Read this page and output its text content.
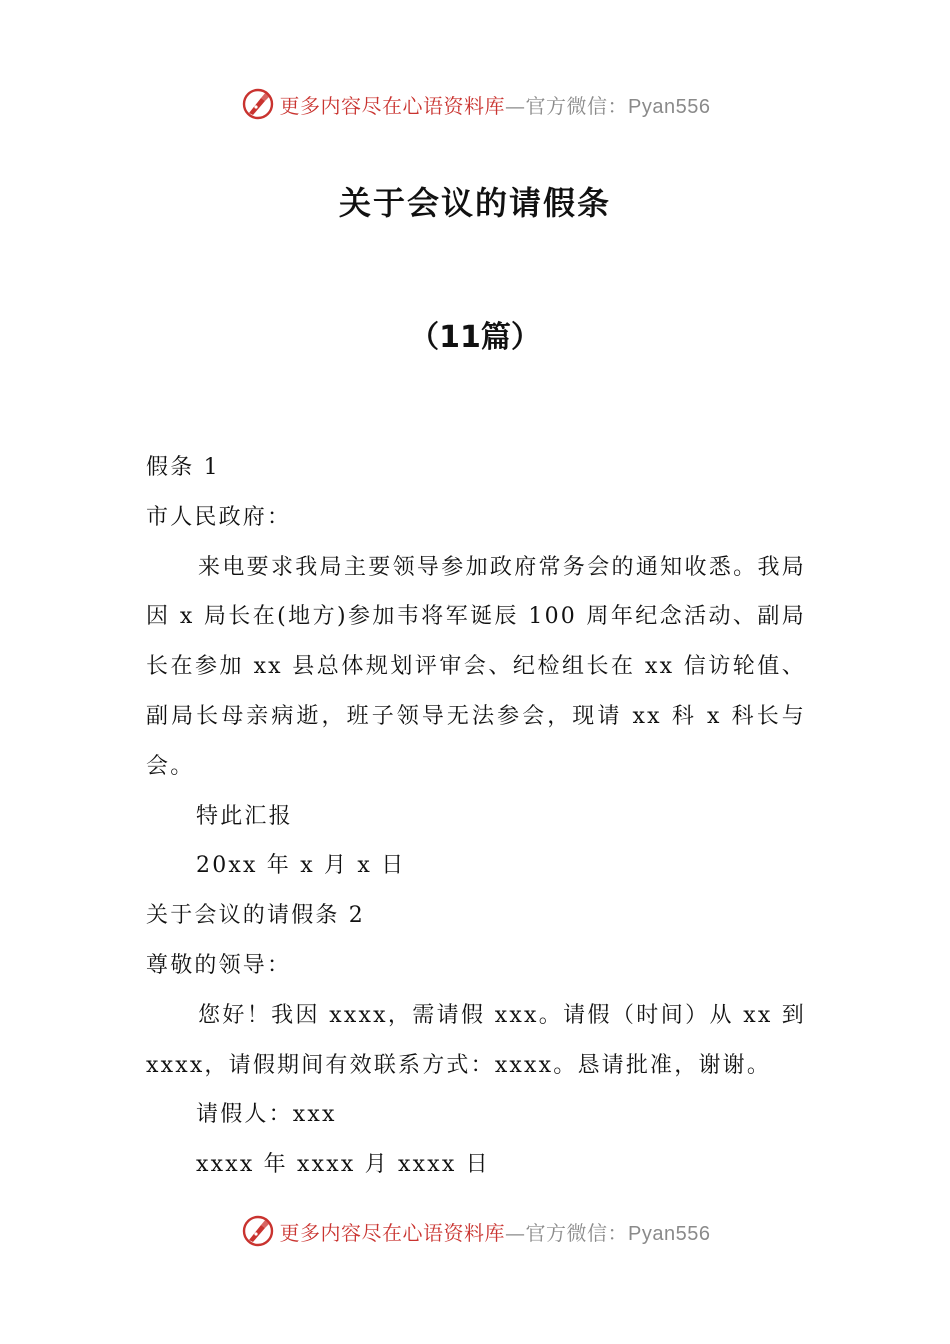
更多内容尽在心语资料库—官方微信：Pyan556
关于会议的请假条
（11篇）
假条 1
市人民政府：

来电要求我局主要领导参加政府常务会的通知收悉。我局因 x 局长在(地方)参加韦将军诞辰 100 周年纪念活动、副局长在参加 xx 县总体规划评审会、纪检组长在 xx 信访轮值、副局长母亲病逝，班子领导无法参会，现请 xx 科 x 科长与会。

特此汇报
20xx 年 x 月 x 日
关于会议的请假条 2
尊敬的领导：

您好！我因 xxxx，需请假 xxx。请假（时间）从 xx 到 xxxx，请假期间有效联系方式：xxxx。恳请批准，谢谢。

请假人：xxx
xxxx 年 xxxx 月 xxxx 日
更多内容尽在心语资料库—官方微信：Pyan556
